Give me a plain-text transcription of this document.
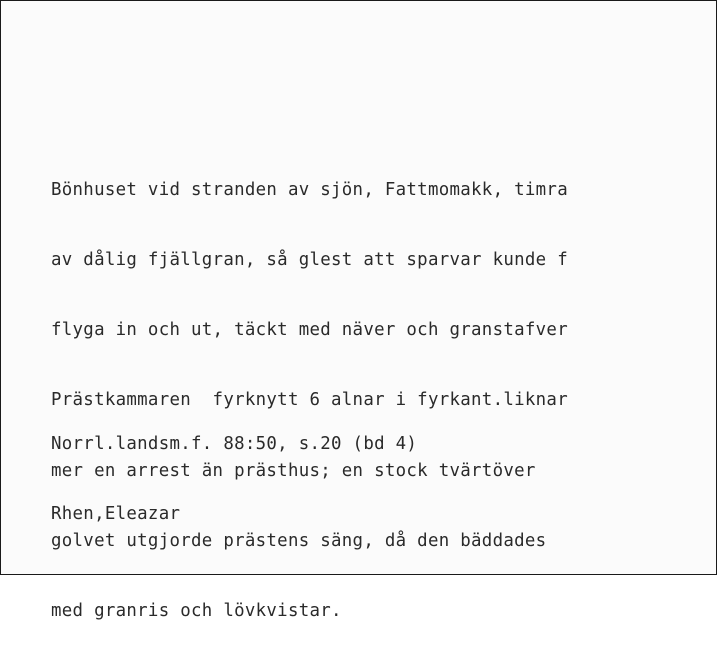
Bönhuset vid stranden av sjön, Fattmomakk, timra

av dålig fjällgran, så glest att sparvar kunde f

flyga in och ut, täckt med näver och granstafver

Prästkammaren  fyrknytt 6 alnar i fyrkant.liknar

mer en arrest än prästhus; en stock tvärtöver

golvet utgjorde prästens säng, då den bäddades

med granris och lövkvistar.

Norrl.landsm.f. 88:50, s.20 (bd 4)

Rhen,Eleazar
